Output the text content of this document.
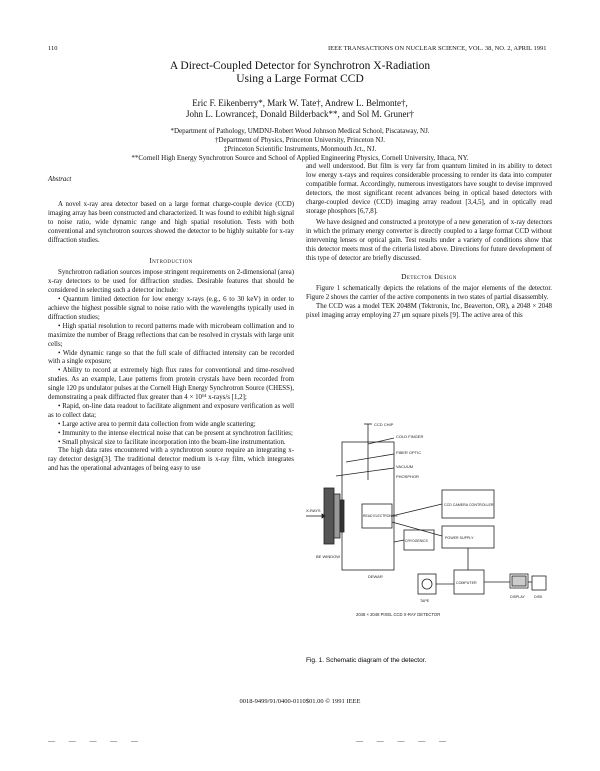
110	IEEE TRANSACTIONS ON NUCLEAR SCIENCE, VOL. 38, NO. 2, APRIL 1991
A Direct-Coupled Detector for Synchrotron X-Radiation
Using a Large Format CCD
Eric F. Eikenberry*, Mark W. Tate†, Andrew L. Belmonte†,
John L. Lowrance‡, Donald Bilderback**, and Sol M. Gruner†
*Department of Pathology, UMDNJ-Robert Wood Johnson Medical School, Piscataway, NJ.
†Department of Physics, Princeton University, Princeton NJ.
‡Princeton Scientific Instruments, Monmouth Jct., NJ.
**Cornell High Energy Synchrotron Source and School of Applied Engineering Physics, Cornell University, Ithaca, NY.

Abstract

A novel x-ray area detector based on a large format charge-couple device (CCD) imaging array has been constructed and characterized. It was found to exhibit high signal to noise ratio, wide dynamic range and high spatial resolution. Tests with both conventional and synchrotron sources showed the detector to be highly suitable for x-ray diffraction studies.

Introduction

Synchrotron radiation sources impose stringent requirements on 2-dimensional (area) x-ray detectors to be used for diffraction studies. Desirable features that should be considered in selecting such a detector include:

• Quantum limited detection for low energy x-rays (e.g., 6 to 30 keV) in order to achieve the highest possible signal to noise ratio with the wavelengths typically used in diffraction studies;

• High spatial resolution to record patterns made with microbeam collimation and to maximize the number of Bragg reflections that can be resolved in crystals with large unit cells;

• Wide dynamic range so that the full scale of diffracted intensity can be recorded with a single exposure;

• Ability to record at extremely high flux rates for conventional and time-resolved studies. As an example, Laue patterns from protein crystals have been recorded from single 120 ps undulator pulses at the Cornell High Energy Synchrotron Source (CHESS), demonstrating a peak diffracted flux greater than 4 × 10¹⁴ x-rays/s [1,2];

• Rapid, on-line data readout to facilitate alignment and exposure verification as well as to collect data;

• Large active area to permit data collection from wide angle scattering;

• Immunity to the intense electrical noise that can be present at synchrotron facilities;

• Small physical size to facilitate incorporation into the beam-line instrumentation.

The high data rates encountered with a synchrotron source require an integrating x-ray detector design[3]. The traditional detector medium is x-ray film, which integrates and has the operational advantages of being easy to use

and well understood. But film is very far from quantum limited in its ability to detect low energy x-rays and requires considerable processing to render its data into computer compatible format. Accordingly, numerous investigators have sought to devise improved detectors, the most significant recent advances being in optical based detectors with charge-coupled device (CCD) imaging array readout [3,4,5], and in optically read storage phosphors [6,7,8].

We have designed and constructed a prototype of a new generation of x-ray detectors in which the primary energy converter is directly coupled to a large format CCD without intervening lenses or optical gain. Test results under a variety of conditions show that this detector meets most of the criteria listed above. Directions for future development of this type of detector are briefly discussed.

Detector Design

Figure 1 schematically depicts the relations of the major elements of the detector. Figure 2 shows the carrier of the active components in two states of partial disassembly.

The CCD was a model TEK 2048M (Tektronix, Inc, Beaverton, OR), a 2048 × 2048 pixel imaging array employing 27 μm square pixels [9]. The active area of this

CCD CHIP
COLD FINGER
FIBER OPTIC
VACUUM
PHOSPHOR
X-RAYS
BE WINDOW
READ ELECTRONICS
DEWAR
CRYOGENICS
POWER SUPPLY
CCD CAMERA CONTROLLER
COMPUTER
DISPLAY
TAPE
DISK
2048 × 2048 PIXEL CCD X-RAY DETECTOR
Fig. 1. Schematic diagram of the detector.
0018-9499/91/0400-0110$01.00 © 1991 IEEE
— — — — —	— — — — —
